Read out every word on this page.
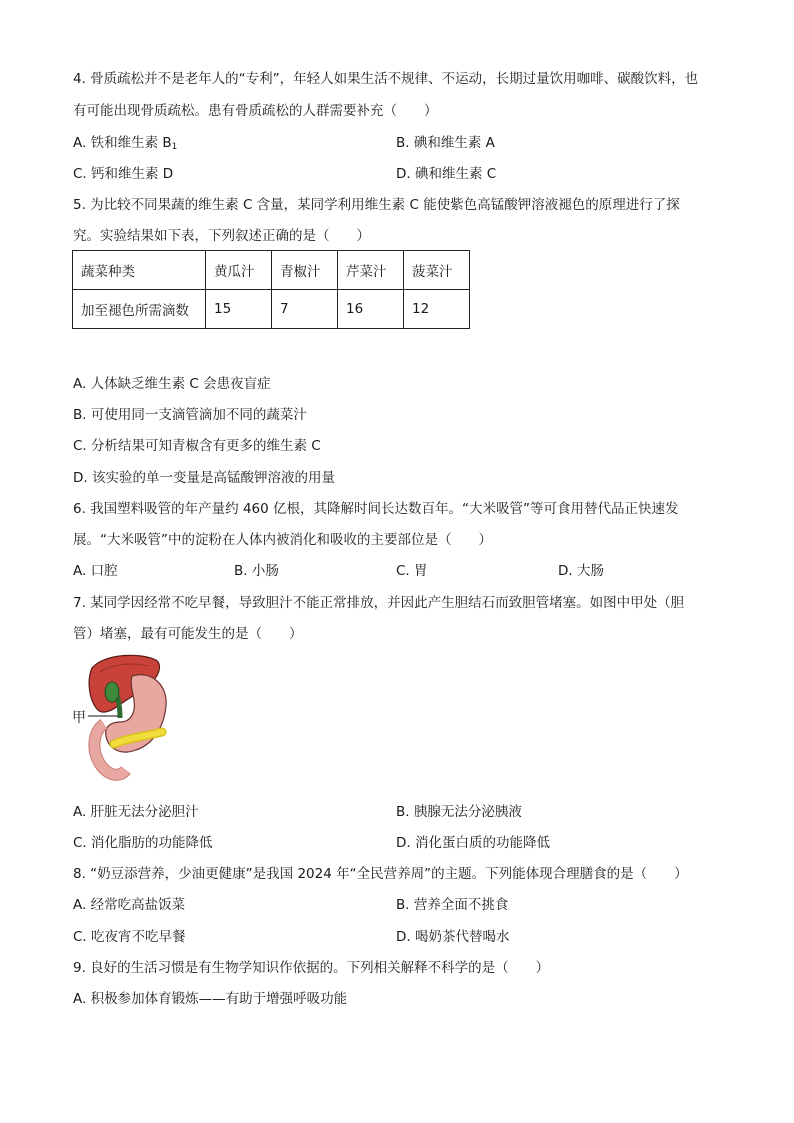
4. 骨质疏松并不是老年人的“专利”，年轻人如果生活不规律、不运动，长期过量饮用咖啡、碳酸饮料，也
有可能出现骨质疏松。患有骨质疏松的人群需要补充（　　）
A. 铁和维生素 $B_1$	B. 碘和维生素 A
C. 钙和维生素 D	D. 碘和维生素 C
5. 为比较不同果蔬的维生素 C 含量，某同学利用维生素 C 能使紫色高锰酸钾溶液褪色的原理进行了探
究。实验结果如下表，下列叙述正确的是（　　）
蔬菜种类	黄瓜汁	青椒汁	芹菜汁	菠菜汁
加至褪色所需滴数	15	7	16	12
A. 人体缺乏维生素 C 会患夜盲症
B. 可使用同一支滴管滴加不同的蔬菜汁
C. 分析结果可知青椒含有更多的维生素 C
D. 该实验的单一变量是高锰酸钾溶液的用量
6. 我国塑料吸管的年产量约 460 亿根，其降解时间长达数百年。“大米吸管”等可食用替代品正快速发
展。“大米吸管”中的淀粉在人体内被消化和吸收的主要部位是（　　）
A. 口腔	B. 小肠	C. 胃	D. 大肠
7. 某同学因经常不吃早餐，导致胆汁不能正常排放，并因此产生胆结石而致胆管堵塞。如图中甲处（胆
管）堵塞，最有可能发生的是（　　）
甲
A. 肝脏无法分泌胆汁	B. 胰腺无法分泌胰液
C. 消化脂肪的功能降低	D. 消化蛋白质的功能降低
8. “奶豆添营养，少油更健康”是我国 2024 年“全民营养周”的主题。下列能体现合理膳食的是（　　）
A. 经常吃高盐饭菜	B. 营养全面不挑食
C. 吃夜宵不吃早餐	D. 喝奶茶代替喝水
9. 良好的生活习惯是有生物学知识作依据的。下列相关解释不科学的是（　　）
A. 积极参加体育锻炼——有助于增强呼吸功能
